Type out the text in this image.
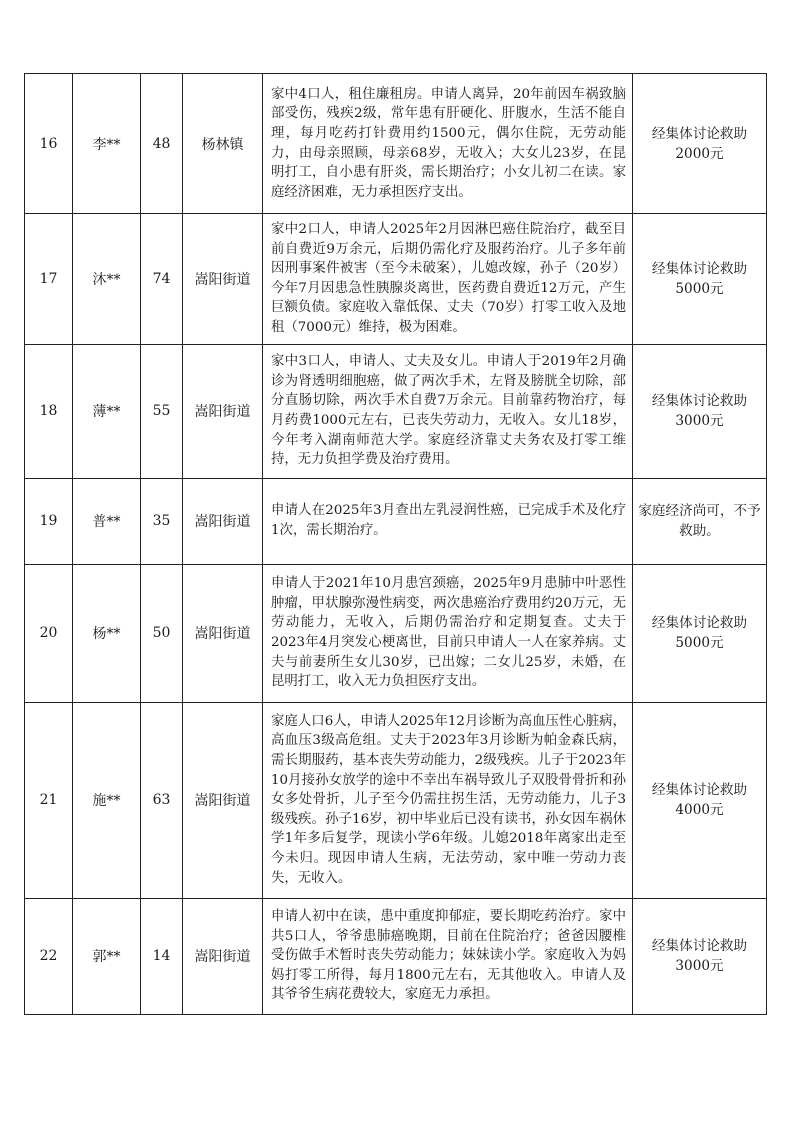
16	李**	48	杨林镇	家中4口人，租住廉租房。申请人离异，20年前因车祸致脑部受伤，残疾2级，常年患有肝硬化、肝腹水，生活不能自理，每月吃药打针费用约1500元，偶尔住院，无劳动能力，由母亲照顾，母亲68岁，无收入；大女儿23岁，在昆明打工，自小患有肝炎，需长期治疗；小女儿初二在读。家庭经济困难，无力承担医疗支出。	经集体讨论救助2000元
17	沐**	74	嵩阳街道	家中2口人，申请人2025年2月因淋巴癌住院治疗，截至目前自费近9万余元，后期仍需化疗及服药治疗。儿子多年前因刑事案件被害（至今未破案），儿媳改嫁，孙子（20岁）今年7月因患急性胰腺炎离世，医药费自费近12万元，产生巨额负债。家庭收入靠低保、丈夫（70岁）打零工收入及地租（7000元）维持，极为困难。	经集体讨论救助5000元
18	薄**	55	嵩阳街道	家中3口人，申请人、丈夫及女儿。申请人于2019年2月确诊为肾透明细胞癌，做了两次手术，左肾及膀胱全切除，部分直肠切除，两次手术自费7万余元。目前靠药物治疗，每月药费1000元左右，已丧失劳动力，无收入。女儿18岁，今年考入湖南师范大学。家庭经济靠丈夫务农及打零工维持，无力负担学费及治疗费用。	经集体讨论救助3000元
19	普**	35	嵩阳街道	申请人在2025年3月查出左乳浸润性癌，已完成手术及化疗1次，需长期治疗。	家庭经济尚可，不予救助。
20	杨**	50	嵩阳街道	申请人于2021年10月患宫颈癌，2025年9月患肺中叶恶性肿瘤，甲状腺弥漫性病变，两次患癌治疗费用约20万元，无劳动能力，无收入，后期仍需治疗和定期复查。丈夫于2023年4月突发心梗离世，目前只申请人一人在家养病。丈夫与前妻所生女儿30岁，已出嫁；二女儿25岁，未婚，在昆明打工，收入无力负担医疗支出。	经集体讨论救助5000元
21	施**	63	嵩阳街道	家庭人口6人，申请人2025年12月诊断为高血压性心脏病，高血压3级高危组。丈夫于2023年3月诊断为帕金森氏病，需长期服药，基本丧失劳动能力，2级残疾。儿子于2023年10月接孙女放学的途中不幸出车祸导致儿子双股骨骨折和孙女多处骨折，儿子至今仍需拄拐生活，无劳动能力，儿子3级残疾。孙子16岁，初中毕业后已没有读书，孙女因车祸休学1年多后复学，现读小学6年级。儿媳2018年离家出走至今未归。现因申请人生病，无法劳动，家中唯一劳动力丧失，无收入。	经集体讨论救助4000元
22	郭**	14	嵩阳街道	申请人初中在读，患中重度抑郁症，要长期吃药治疗。家中共5口人，爷爷患肺癌晚期，目前在住院治疗；爸爸因腰椎受伤做手术暂时丧失劳动能力；妹妹读小学。家庭收入为妈妈打零工所得，每月1800元左右，无其他收入。申请人及其爷爷生病花费较大，家庭无力承担。	经集体讨论救助3000元
